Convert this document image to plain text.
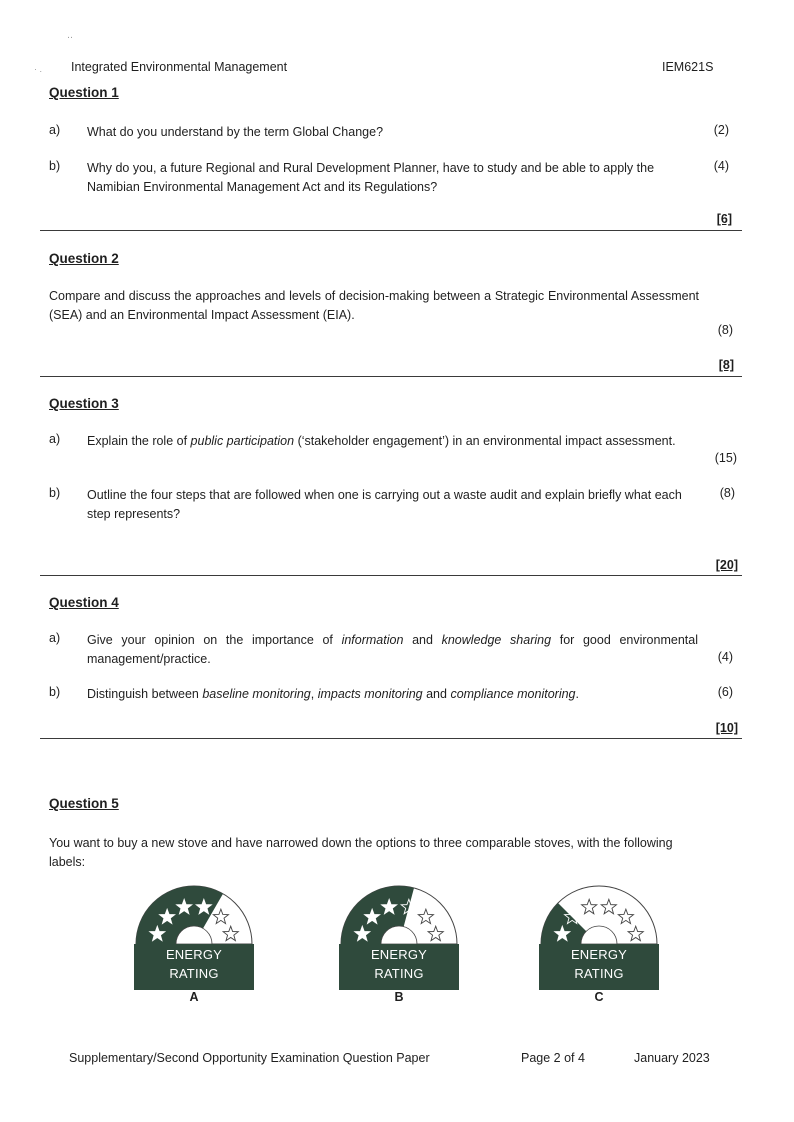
‥
· . Integrated Environmental Management	IEM621S
Question 1
a)	What do you understand by the term Global Change?	(2)
b)	Why do you, a future Regional and Rural Development Planner, have to study and be able to apply the Namibian Environmental Management Act and its Regulations?
(4)
[6]
Question 2
Compare and discuss the approaches and levels of decision-making between a Strategic Environmental Assessment (SEA) and an Environmental Impact Assessment (EIA).
(8)
[8]
Question 3
a)	Explain the role of public participation (‘stakeholder engagement’) in an environmental impact assessment.
(15)
b)	Outline the four steps that are followed when one is carrying out a waste audit and explain briefly what each step represents?
(8)
[20]
Question 4
a)	Give your opinion on the importance of information and knowledge sharing for good environmental management/practice.	(4)
b)	Distinguish between baseline monitoring, impacts monitoring and compliance monitoring.	(6)
[10]
Question 5
You want to buy a new stove and have narrowed down the options to three comparable stoves, with the following labels:
ENERGY
RATING
A
ENERGY
RATING
B
ENERGY
RATING
C
Supplementary/Second Opportunity Examination Question Paper	Page 2 of 4	January 2023
